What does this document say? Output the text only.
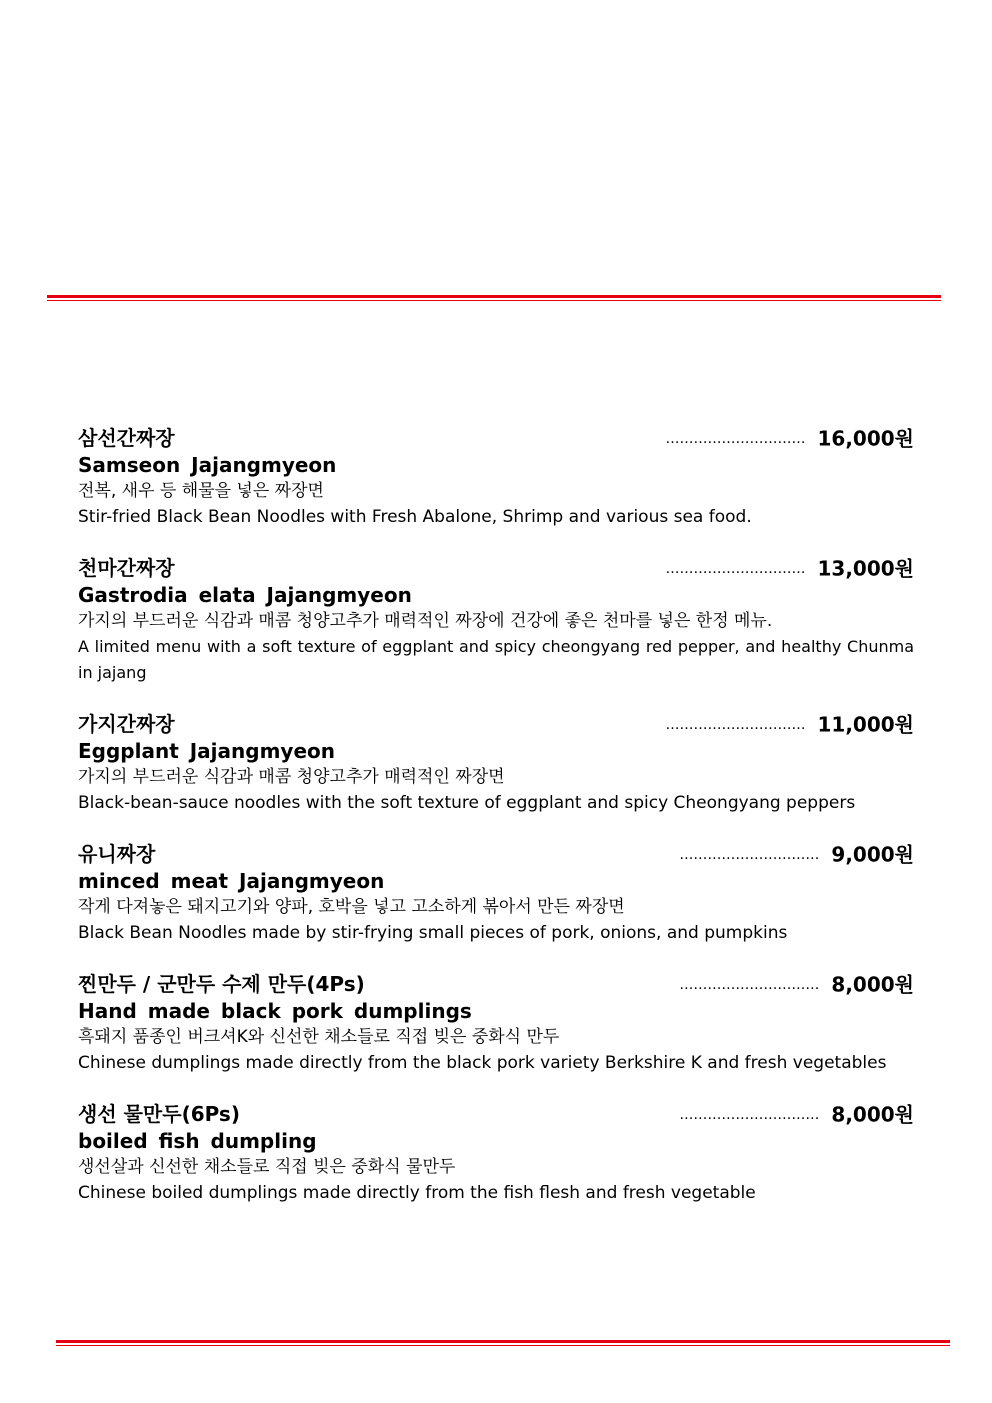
삼선간짜장	………………………… 16,000원
Samseon Jajangmyeon
전복, 새우 등 해물을 넣은 짜장면
Stir-fried Black Bean Noodles with Fresh Abalone, Shrimp and various sea food.
천마간짜장	………………………… 13,000원
Gastrodia elata Jajangmyeon
가지의 부드러운 식감과 매콤 청양고추가 매력적인 짜장에 건강에 좋은 천마를 넣은 한정 메뉴.
A limited menu with a soft texture of eggplant and spicy cheongyang red pepper, and healthy Chunma in jajang
가지간짜장	………………………… 11,000원
Eggplant Jajangmyeon
가지의 부드러운 식감과 매콤 청양고추가 매력적인 짜장면
Black-bean-sauce noodles with the soft texture of eggplant and spicy Cheongyang peppers
유니짜장	………………………… 9,000원
minced meat Jajangmyeon
작게 다져놓은 돼지고기와 양파, 호박을 넣고 고소하게 볶아서 만든 짜장면
Black Bean Noodles made by stir-frying small pieces of pork, onions, and pumpkins
찐만두 / 군만두 수제 만두(4Ps)	………………………… 8,000원
Hand made black pork dumplings
흑돼지 품종인 버크셔K와 신선한 채소들로 직접 빚은 중화식 만두
Chinese dumplings made directly from the black pork variety Berkshire K and fresh vegetables
생선 물만두(6Ps)	………………………… 8,000원
boiled fish dumpling
생선살과 신선한 채소들로 직접 빚은 중화식 물만두
Chinese boiled dumplings made directly from the fish flesh and fresh vegetable
